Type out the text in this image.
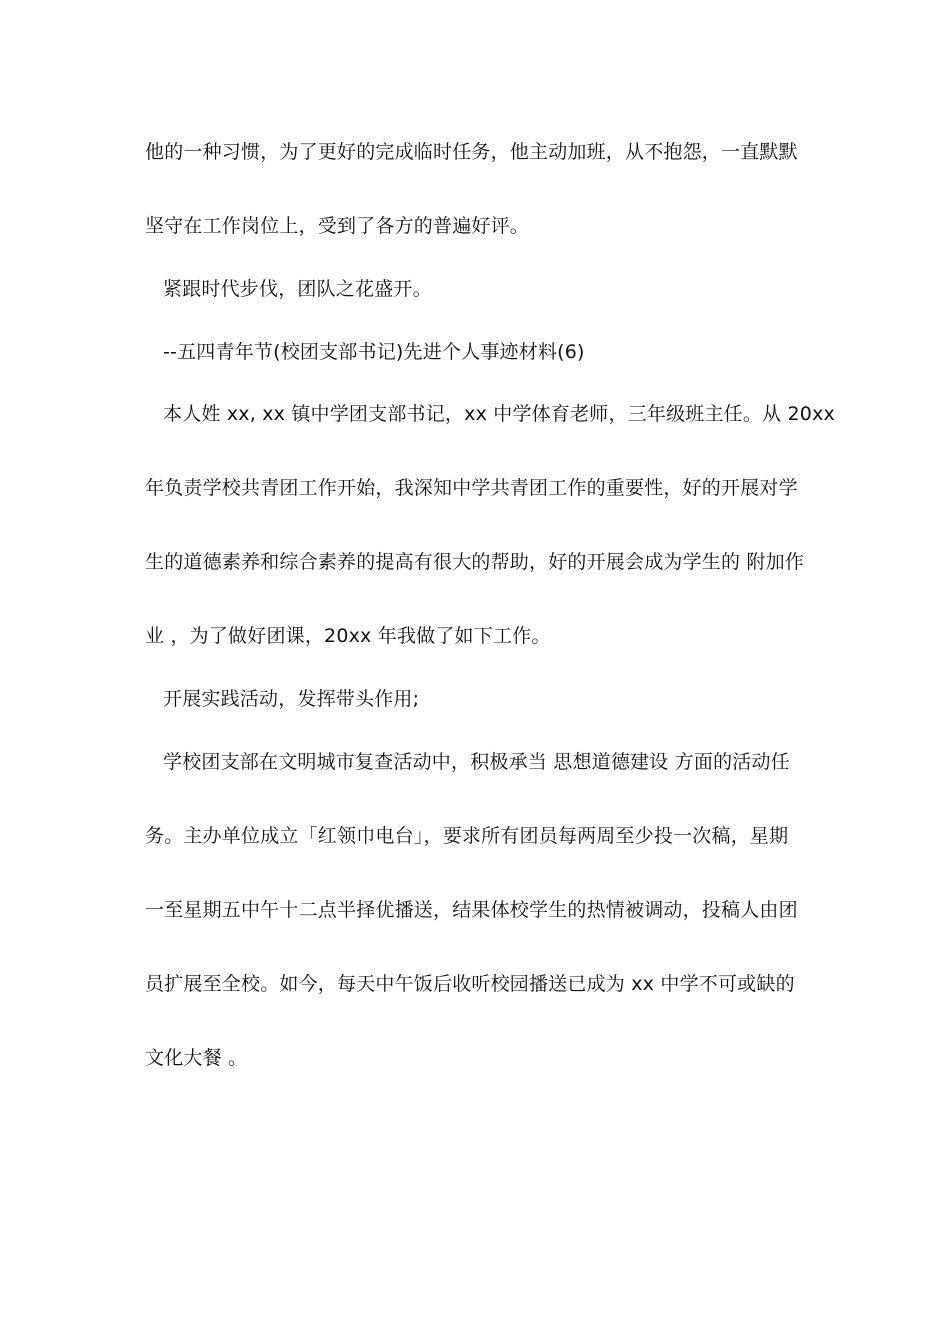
他的一种习惯，为了更好的完成临时任务，他主动加班，从不抱怨，一直默默

坚守在工作岗位上，受到了各方的普遍好评。

紧跟时代步伐，团队之花盛开。

--五四青年节(校团支部书记)先进个人事迹材料(6)

本人姓 xx, xx 镇中学团支部书记，xx 中学体育老师，三年级班主任。从 20xx

年负责学校共青团工作开始，我深知中学共青团工作的重要性，好的开展对学

生的道德素养和综合素养的提高有很大的帮助，好的开展会成为学生的 附加作

业 ，为了做好团课，20xx 年我做了如下工作。

开展实践活动，发挥带头作用;

学校团支部在文明城市复查活动中，积极承当 思想道德建设 方面的活动任

务。主办单位成立「红领巾电台」，要求所有团员每两周至少投一次稿，星期

一至星期五中午十二点半择优播送，结果体校学生的热情被调动，投稿人由团

员扩展至全校。如今，每天中午饭后收听校园播送已成为 xx 中学不可或缺的

文化大餐 。
